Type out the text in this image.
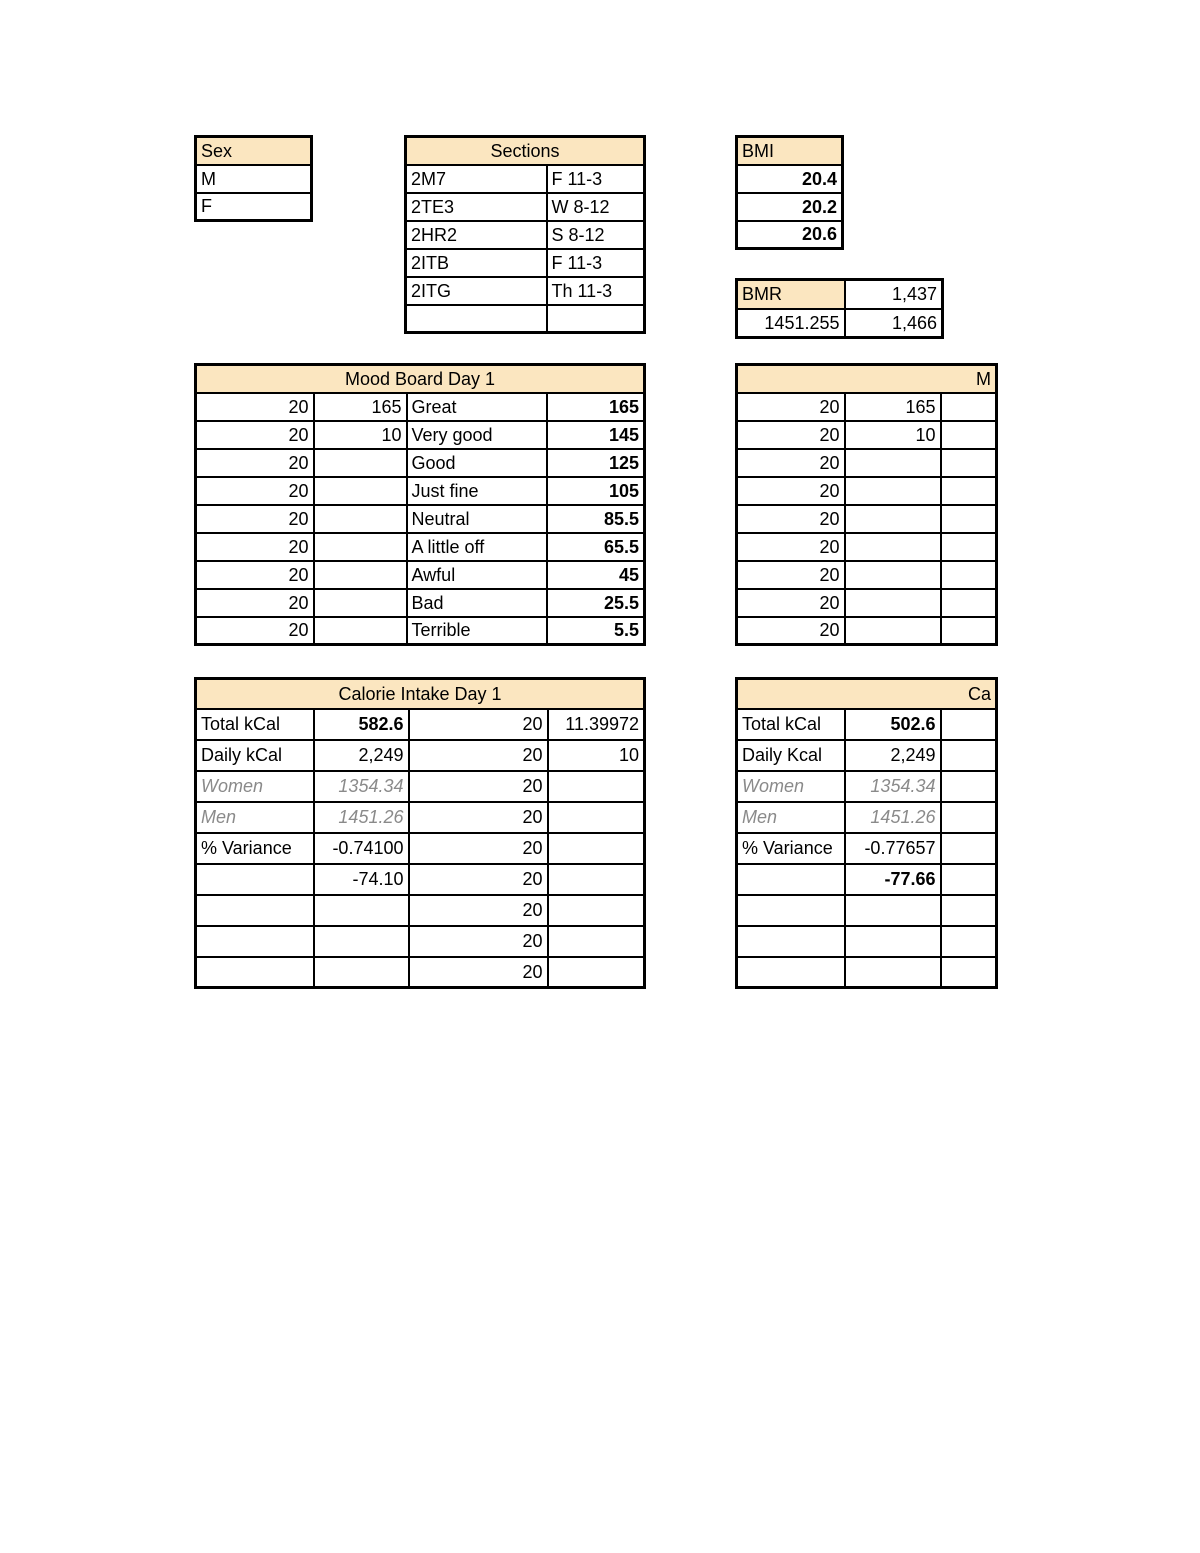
Sex
M
F
Sections	
2M7	F 11-3
2TE3	W 8-12
2HR2	S 8-12
2ITB	F 11-3
2ITG	Th 11-3

BMI
20.4
20.2
20.6
BMR	1,437
1451.255	1,466
Mood Board Day 1			
20	165	Great	165
20	10	Very good	145
20		Good	125
20		Just fine	105
20		Neutral	85.5
20		A little off	65.5
20		Awful	45
20		Bad	25.5
20		Terrible	5.5
M		
20	165	
20	10	
20		
20		
20		
20		
20		
20		
20		
Calorie Intake Day 1			
Total kCal	582.6	20	11.39972
Daily kCal	2,249	20	10
Women	1354.34	20	
Men	1451.26	20	
% Variance	-0.74100	20	
	-74.10	20	
		20	
		20	
		20	
Ca		
Total kCal	502.6	
Daily Kcal	2,249	
Women	1354.34	
Men	1451.26	
% Variance	-0.77657	
	-77.66	
